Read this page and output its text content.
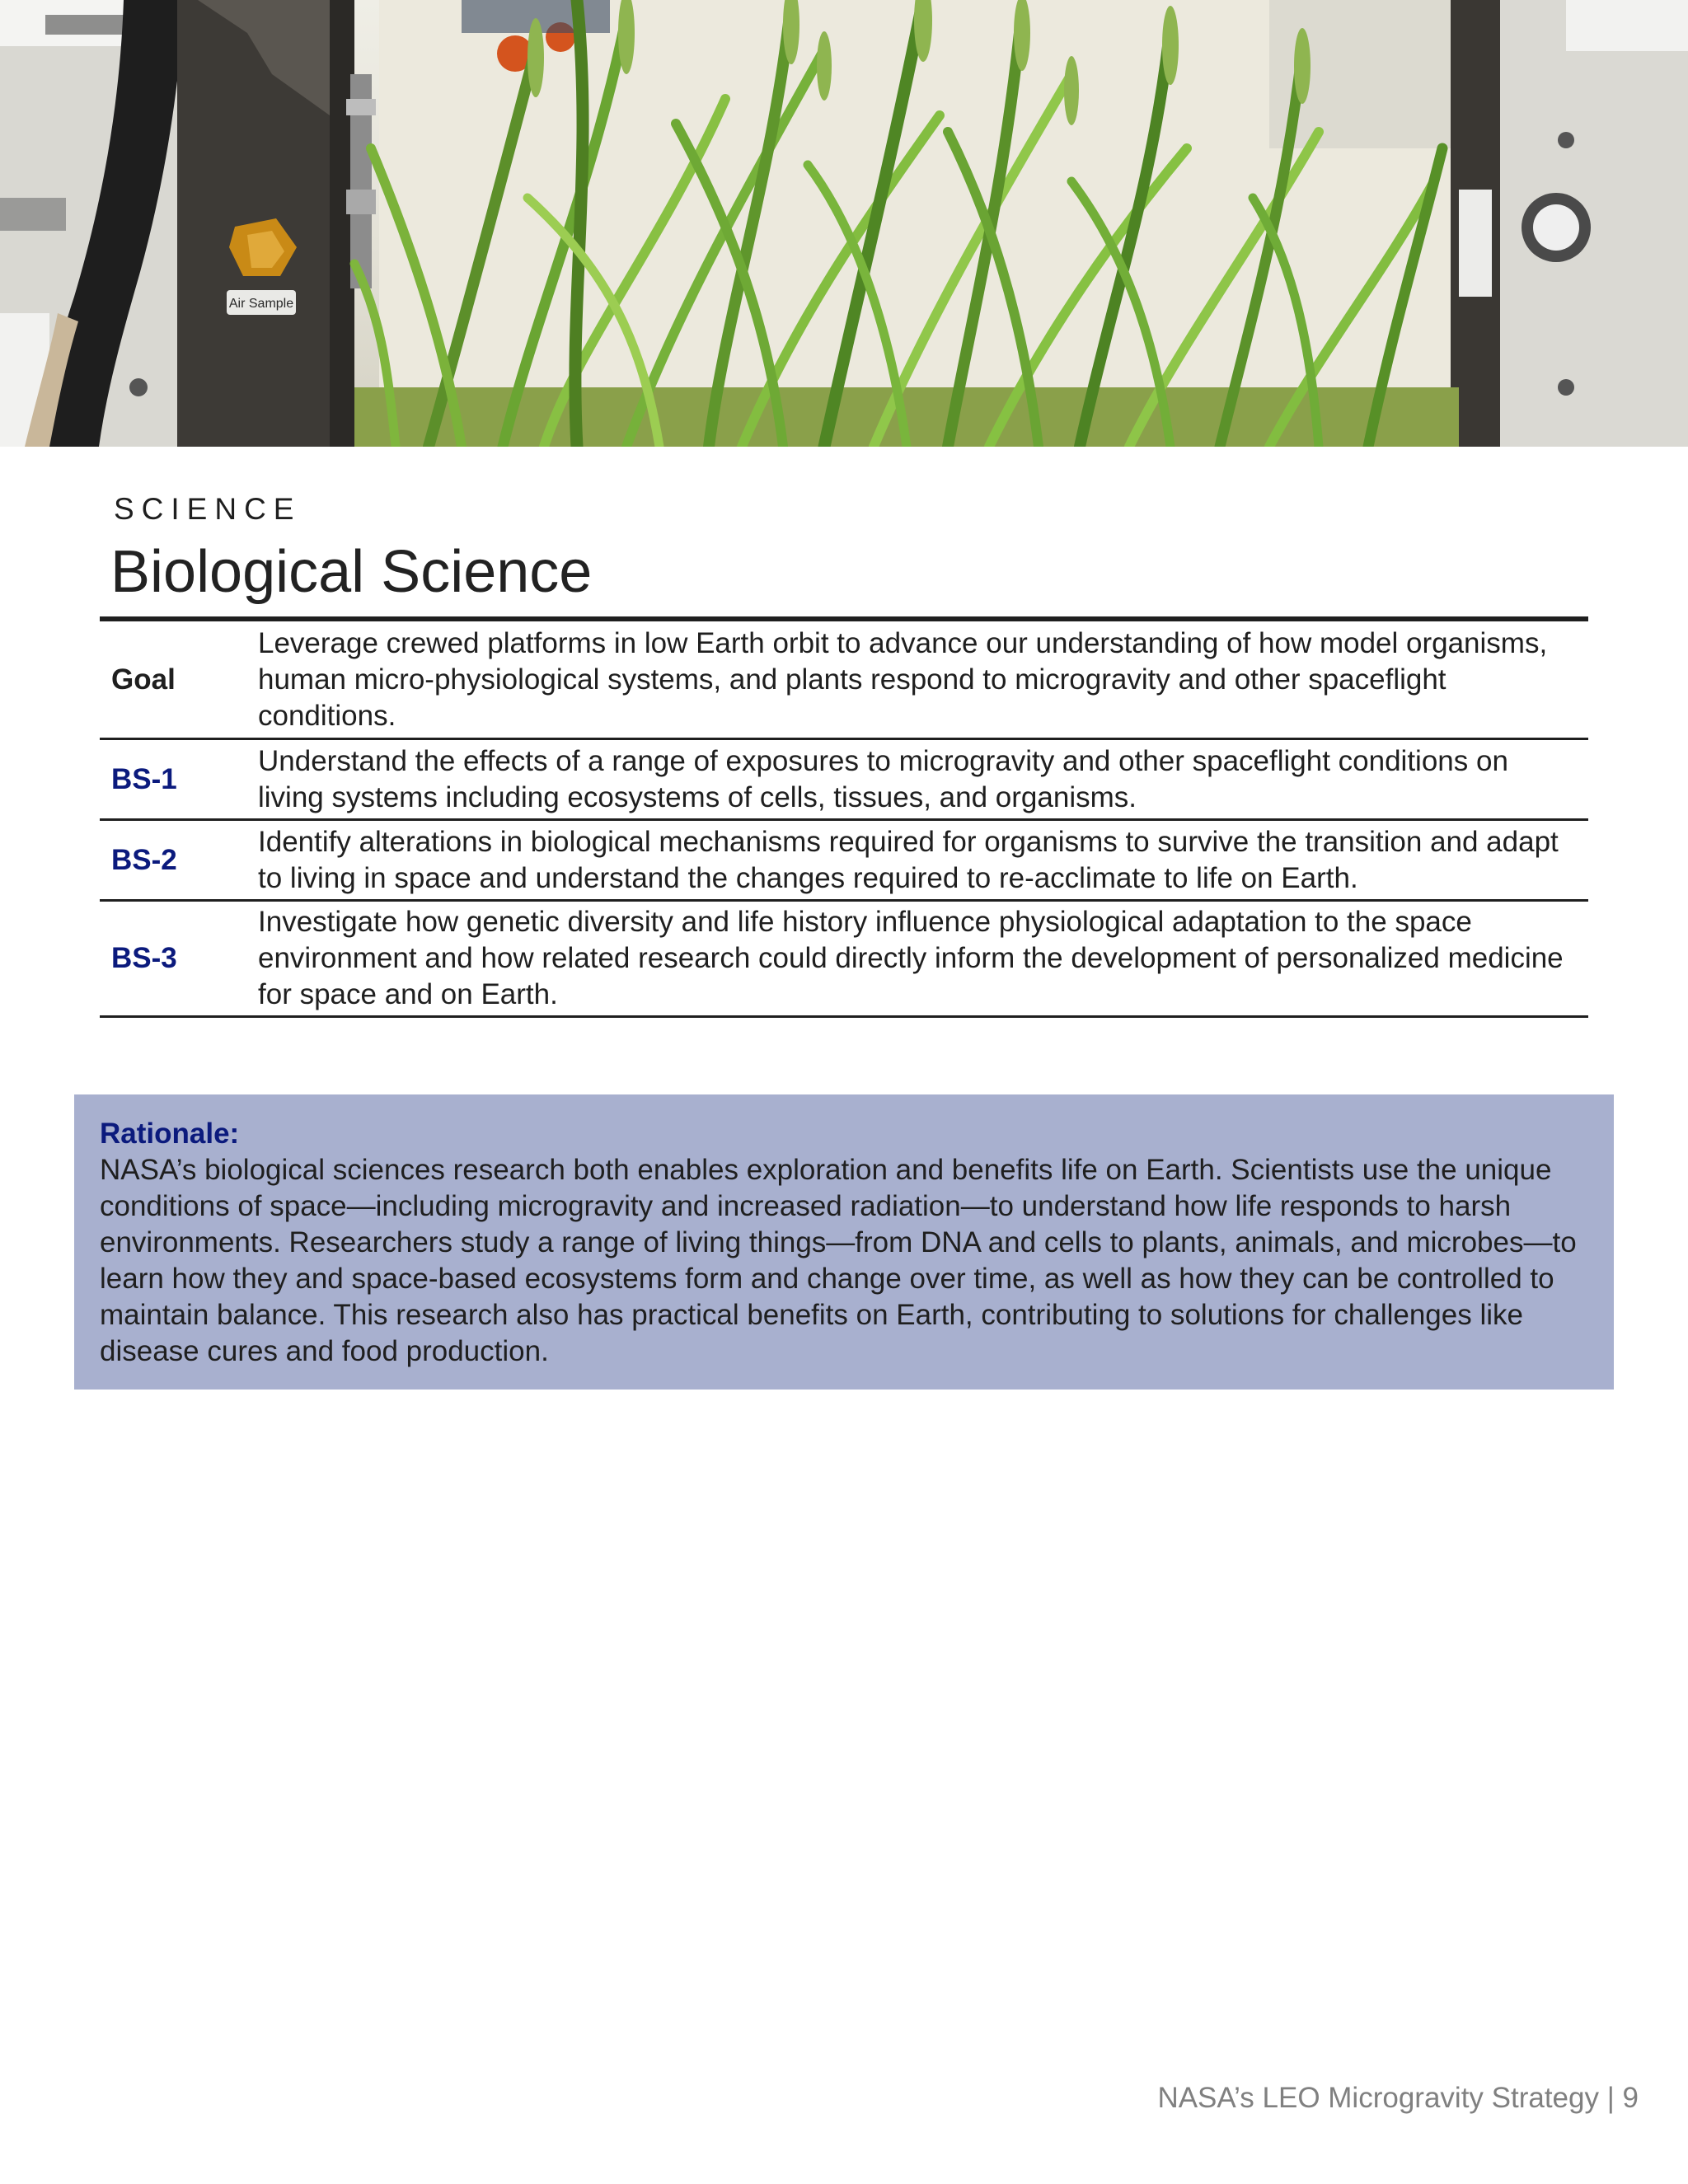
Air Sample

SCIENCE

Biological Science
Goal
Leverage crewed platforms in low Earth orbit to advance our understanding of how model organisms, human micro-physiological systems, and plants respond to microgravity and other spaceflight conditions.
BS-1
Understand the effects of a range of exposures to microgravity and other spaceflight conditions on living systems including ecosystems of cells, tissues, and organisms.
BS-2
Identify alterations in biological mechanisms required for organisms to survive the transition and adapt to living in space and understand the changes required to re-acclimate to life on Earth.
BS-3
Investigate how genetic diversity and life history influence physiological adaptation to the space environment and how related research could directly inform the development of personalized medicine for space and on Earth.

Rationale:

NASA’s biological sciences research both enables exploration and benefits life on Earth. Scientists use the unique conditions of space—including microgravity and increased radiation—to understand how life responds to harsh environments. Researchers study a range of living things—from DNA and cells to plants, animals, and microbes—to learn how they and space-based ecosystems form and change over time, as well as how they can be controlled to maintain balance. This research also has practical benefits on Earth, contributing to solutions for challenges like disease cures and food production.

NASA’s LEO Microgravity Strategy | 9
